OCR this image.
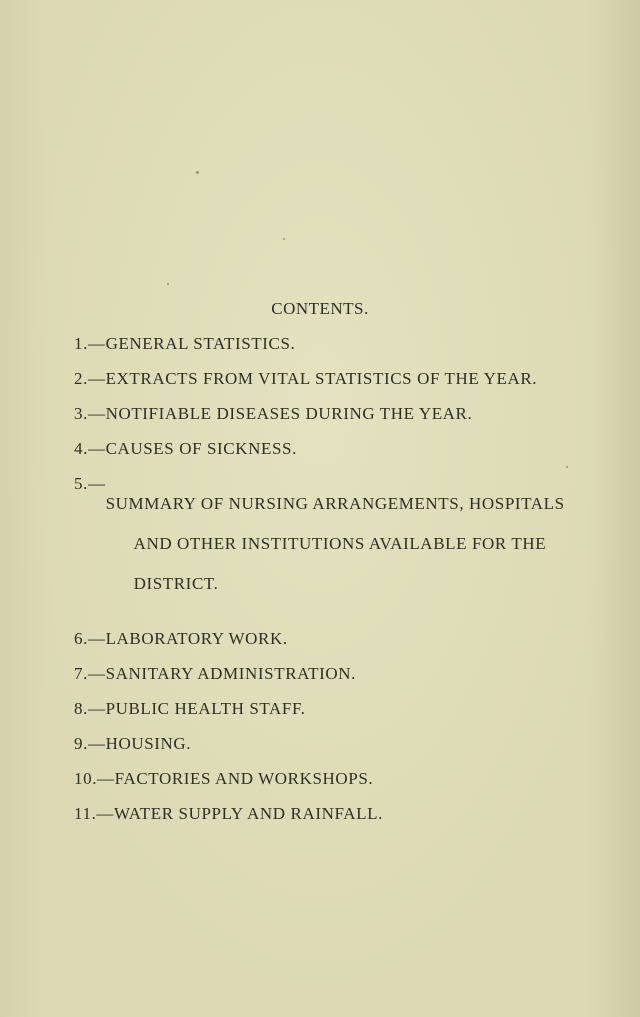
CONTENTS.
1.— GENERAL STATISTICS.
2.— EXTRACTS FROM VITAL STATISTICS OF THE YEAR.
3.— NOTIFIABLE DISEASES DURING THE YEAR.
4.— CAUSES OF SICKNESS.
5.—

SUMMARY OF NURSING ARRANGEMENTS, HOSPITALS

AND OTHER INSTITUTIONS AVAILABLE FOR THE

DISTRICT.

6.— LABORATORY WORK.
7.— SANITARY ADMINISTRATION.
8.— PUBLIC HEALTH STAFF.
9.— HOUSING.
10.— FACTORIES AND WORKSHOPS.
11.— WATER SUPPLY AND RAINFALL.
